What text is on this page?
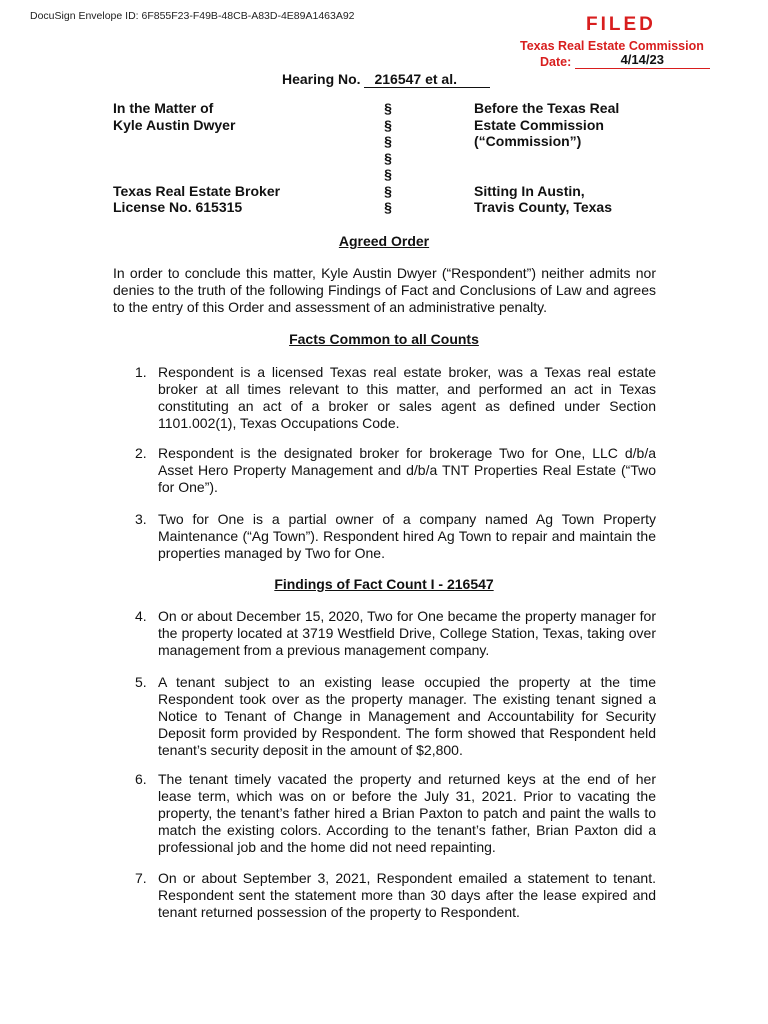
DocuSign Envelope ID: 6F855F23-F49B-48CB-A83D-4E89A1463A92	FILED
Texas Real Estate Commission
Date:	4/14/23
Hearing No. 216547 et al.
In the Matter of
Kyle Austin Dwyer

Texas Real Estate Broker
License No. 615315
§
§
§
§
§
§
§
Before the Texas Real
Estate Commission
(“Commission”)

Sitting In Austin,
Travis County, Texas
Agreed Order

In order to conclude this matter, Kyle Austin Dwyer (“Respondent”) neither admits nor denies to the truth of the following Findings of Fact and Conclusions of Law and agrees to the entry of this Order and assessment of an administrative penalty.

Facts Common to all Counts
1. Respondent is a licensed Texas real estate broker, was a Texas real estate broker at all times relevant to this matter, and performed an act in Texas constituting an act of a broker or sales agent as defined under Section 1101.002(1), Texas Occupations Code.
2. Respondent is the designated broker for brokerage Two for One, LLC d/b/a Asset Hero Property Management and d/b/a TNT Properties Real Estate (“Two for One”).
3. Two for One is a partial owner of a company named Ag Town Property Maintenance (“Ag Town”). Respondent hired Ag Town to repair and maintain the properties managed by Two for One.
Findings of Fact Count I - 216547
4. On or about December 15, 2020, Two for One became the property manager for the property located at 3719 Westfield Drive, College Station, Texas, taking over management from a previous management company.
5. A tenant subject to an existing lease occupied the property at the time Respondent took over as the property manager. The existing tenant signed a Notice to Tenant of Change in Management and Accountability for Security Deposit form provided by Respondent. The form showed that Respondent held tenant’s security deposit in the amount of $2,800.
6. The tenant timely vacated the property and returned keys at the end of her lease term, which was on or before the July 31, 2021. Prior to vacating the property, the tenant’s father hired a Brian Paxton to patch and paint the walls to match the existing colors. According to the tenant’s father, Brian Paxton did a professional job and the home did not need repainting.
7. On or about September 3, 2021, Respondent emailed a statement to tenant. Respondent sent the statement more than 30 days after the lease expired and tenant returned possession of the property to Respondent.
